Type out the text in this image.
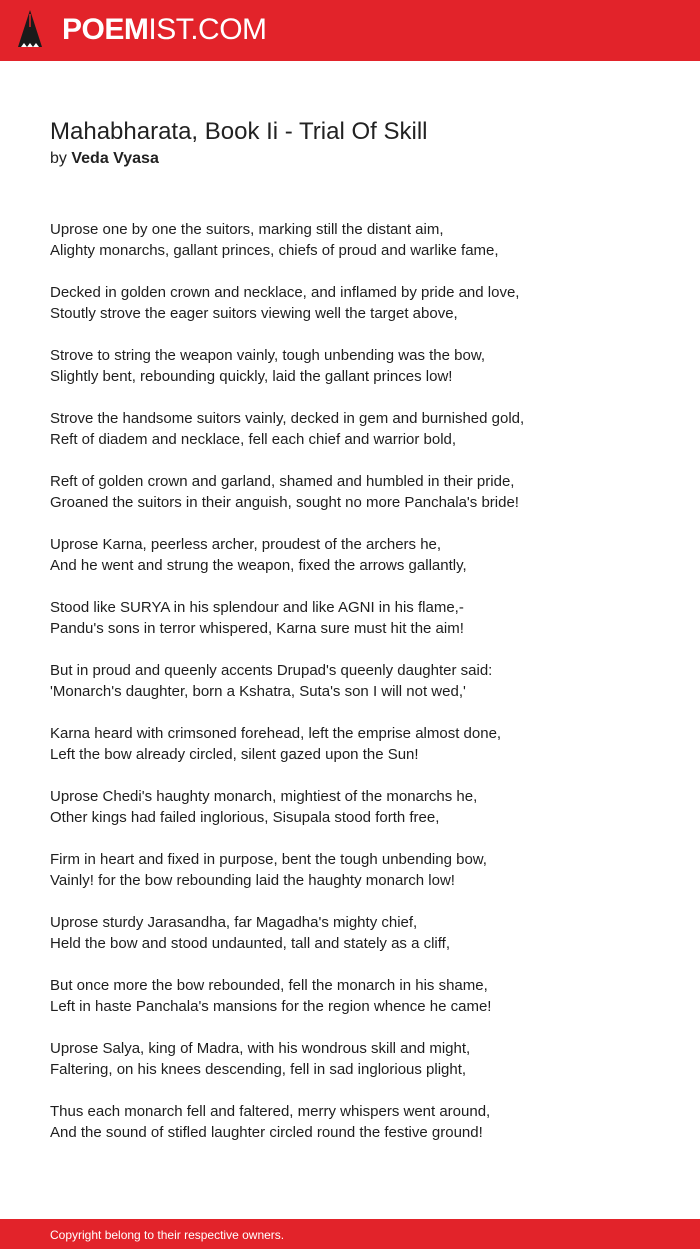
POEMIST.COM
Mahabharata, Book Ii - Trial Of Skill
by Veda Vyasa
Uprose one by one the suitors, marking still the distant aim,
Alighty monarchs, gallant princes, chiefs of proud and warlike fame,
Decked in golden crown and necklace, and inflamed by pride and love,
Stoutly strove the eager suitors viewing well the target above,
Strove to string the weapon vainly, tough unbending was the bow,
Slightly bent, rebounding quickly, laid the gallant princes low!
Strove the handsome suitors vainly, decked in gem and burnished gold,
Reft of diadem and necklace, fell each chief and warrior bold,
Reft of golden crown and garland, shamed and humbled in their pride,
Groaned the suitors in their anguish, sought no more Panchala's bride!
Uprose Karna, peerless archer, proudest of the archers he,
And he went and strung the weapon, fixed the arrows gallantly,
Stood like SURYA in his splendour and like AGNI in his flame,-
Pandu's sons in terror whispered, Karna sure must hit the aim!
But in proud and queenly accents Drupad's queenly daughter said:
'Monarch's daughter, born a Kshatra, Suta's son I will not wed,'
Karna heard with crimsoned forehead, left the emprise almost done,
Left the bow already circled, silent gazed upon the Sun!
Uprose Chedi's haughty monarch, mightiest of the monarchs he,
Other kings had failed inglorious, Sisupala stood forth free,
Firm in heart and fixed in purpose, bent the tough unbending bow,
Vainly! for the bow rebounding laid the haughty monarch low!
Uprose sturdy Jarasandha, far Magadha's mighty chief,
Held the bow and stood undaunted, tall and stately as a cliff,
But once more the bow rebounded, fell the monarch in his shame,
Left in haste Panchala's mansions for the region whence he came!
Uprose Salya, king of Madra, with his wondrous skill and might,
Faltering, on his knees descending, fell in sad inglorious plight,
Thus each monarch fell and faltered, merry whispers went around,
And the sound of stifled laughter circled round the festive ground!
Copyright belong to their respective owners.
